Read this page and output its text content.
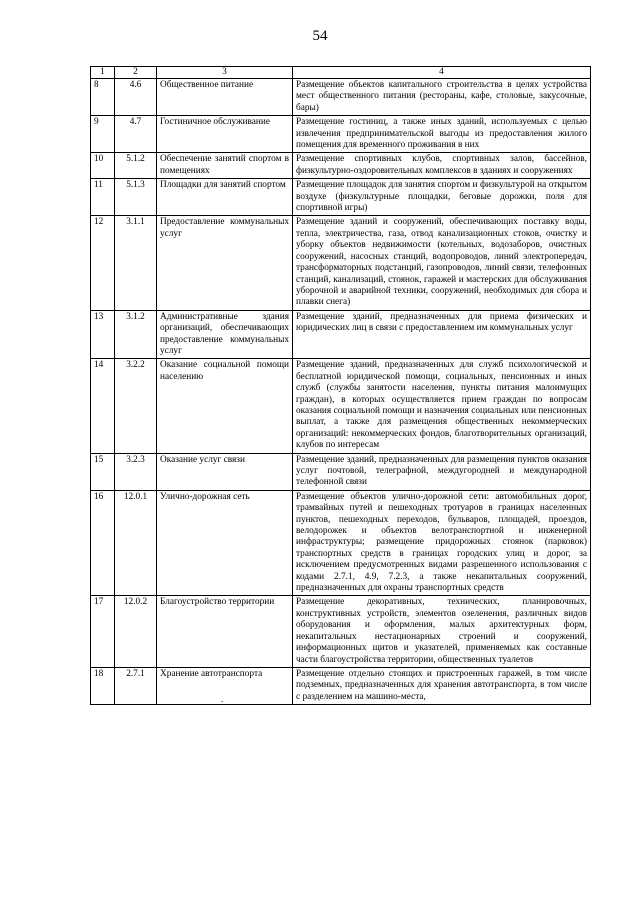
54
1	2	3	4
8	4.6	Общественное питание	Размещение объектов капитального строительства в целях устройства мест общественного питания (рестораны, кафе, столовые, закусочные, бары)
9	4.7	Гостиничное обслуживание	Размещение гостиниц, а также иных зданий, используемых с целью извлечения предпринимательской выгоды из предоставления жилого помещения для временного проживания в них
10	5.1.2	Обеспечение занятий спортом в помещениях	Размещение спортивных клубов, спортивных залов, бассейнов, физкультурно-оздоровительных комплексов в зданиях и сооружениях
11	5.1.3	Площадки для занятий спортом	Размещение площадок для занятия спортом и физкультурой на открытом воздухе (физкультурные площадки, беговые дорожки, поля для спортивной игры)
12	3.1.1	Предоставление коммунальных услуг	Размещение зданий и сооружений, обеспечивающих поставку воды, тепла, электричества, газа, отвод канализационных стоков, очистку и уборку объектов недвижимости (котельных, водозаборов, очистных сооружений, насосных станций, водопроводов, линий электропередач, трансформаторных подстанций, газопроводов, линий связи, телефонных станций, канализаций, стоянок, гаражей и мастерских для обслуживания уборочной и аварийной техники, сооружений, необходимых для сбора и плавки снега)
13	3.1.2	Административные здания организаций, обеспечивающих предоставление коммунальных услуг	Размещение зданий, предназначенных для приема физических и юридических лиц в связи с предоставлением им коммунальных услуг
14	3.2.2	Оказание социальной помощи населению	Размещение зданий, предназначенных для служб психологической и бесплатной юридической помощи, социальных, пенсионных и иных служб (службы занятости населения, пункты питания малоимущих граждан), в которых осуществляется прием граждан по вопросам оказания социальной помощи и назначения социальных или пенсионных выплат, а также для размещения общественных некоммерческих организаций: некоммерческих фондов, благотворительных организаций, клубов по интересам
15	3.2.3	Оказание услуг связи	Размещение зданий, предназначенных для размещения пунктов оказания услуг почтовой, телеграфной, междугородней и международной телефонной связи
16	12.0.1	Улично-дорожная сеть	Размещение объектов улично-дорожной сети: автомобильных дорог, трамвайных путей и пешеходных тротуаров в границах населенных пунктов, пешеходных переходов, бульваров, площадей, проездов, велодорожек и объектов велотранспортной и инженерной инфраструктуры; размещение придорожных стоянок (парковок) транспортных средств в границах городских улиц и дорог, за исключением предусмотренных видами разрешенного использования с кодами 2.7.1, 4.9, 7.2.3, а также некапитальных сооружений, предназначенных для охраны транспортных средств
17	12.0.2	Благоустройство территории	Размещение декоративных, технических, планировочных, конструктивных устройств, элементов озеленения, различных видов оборудования и оформления, малых архитектурных форм, некапитальных нестационарных строений и сооружений, информационных щитов и указателей, применяемых как составные части благоустройства территории, общественных туалетов
18	2.7.1	Хранение автотранспорта	Размещение отдельно стоящих и пристроенных гаражей, в том числе подземных, предназначенных для хранения автотранспорта, в том числе с разделением на машино-места,
.
